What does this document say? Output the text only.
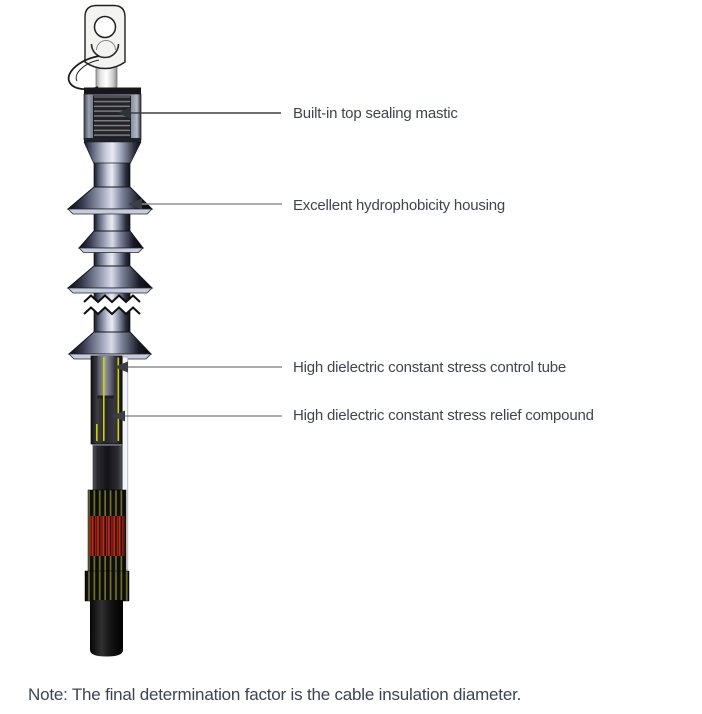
Built-in top sealing mastic
Excellent hydrophobicity housing
High dielectric constant stress control tube
High dielectric constant stress relief compound
Note: The final determination factor is the cable insulation diameter.
